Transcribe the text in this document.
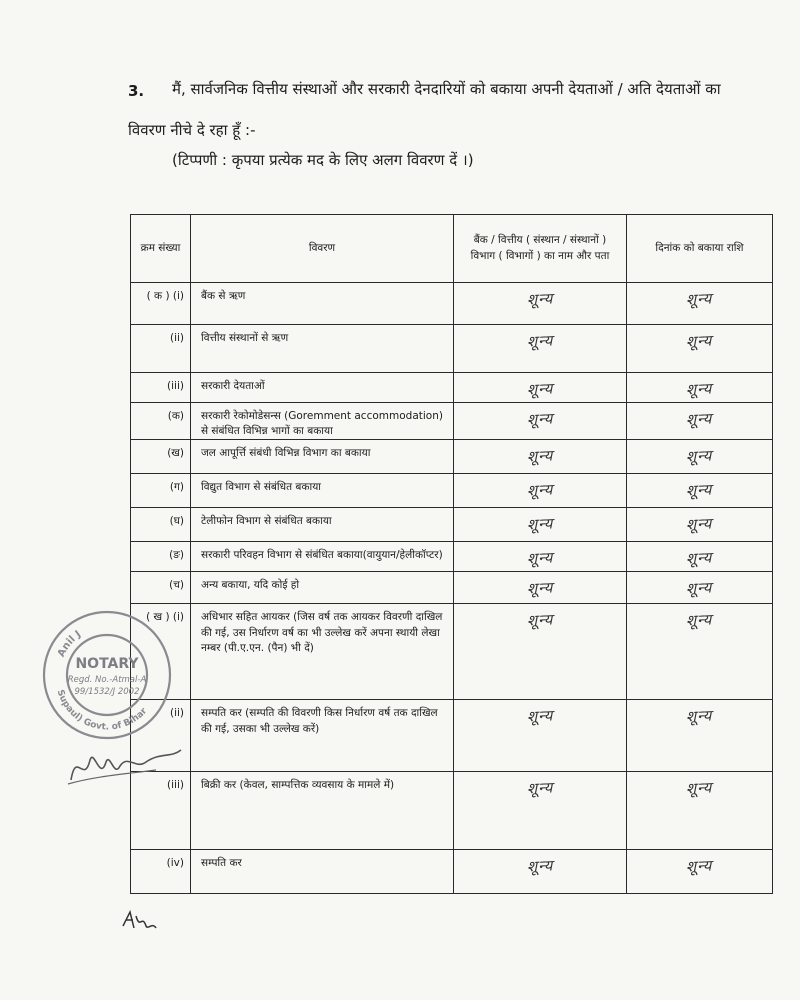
3. मैं, सार्वजनिक वित्तीय संस्थाओं और सरकारी देनदारियों को बकाया अपनी देयताओं / अति देयताओं का
विवरण नीचे दे रहा हूँ :-
(टिप्पणी : कृपया प्रत्येक मद के लिए अलग विवरण दें ।)
क्रम संख्या	विवरण	बैंक / वित्तीय ( संस्थान / संस्थानों ) विभाग ( विभागों ) का नाम और पता	दिनांक को बकाया राशि
( क ) (i)	बैंक से ऋण	शून्य	शून्य
(ii)	वित्तीय संस्थानों से ऋण	शून्य	शून्य
(iii)	सरकारी देयताओं	शून्य	शून्य
(क)	सरकारी रेकोमोडेसन्स (Goremment accommodation) से संबंधित विभिन्न भागों का बकाया	शून्य	शून्य
(ख)	जल आपूर्त्ति संबंधी विभिन्न विभाग का बकाया	शून्य	शून्य
(ग)	विद्युत विभाग से संबंधित बकाया	शून्य	शून्य
(घ)	टेलीफोन विभाग से संबंधित बकाया	शून्य	शून्य
(ङ)	सरकारी परिवहन विभाग से संबंधित बकाया(वायुयान/हेलीकॉप्टर)	शून्य	शून्य
(च)	अन्य बकाया, यदि कोई हो	शून्य	शून्य
( ख ) (i)	अधिभार सहित आयकर (जिस वर्ष तक आयकर विवरणी दाखिल की गई, उस निर्धारण वर्ष का भी उल्लेख करें अपना स्थायी लेखा नम्बर (पी.ए.एन. (पैन) भी दें)	शून्य	शून्य
(ii)	सम्पति कर (सम्पति की विवरणी किस निर्धारण वर्ष तक दाखिल की गई, उसका भी उल्लेख करें)	शून्य	शून्य
(iii)	बिक्री कर (केवल, साम्पत्तिक व्यवसाय के मामले में)	शून्य	शून्य
(iv)	सम्पति कर	शून्य	शून्य
Anil J
Supaul) Govt. of Bihar
NOTARY
Regd. No.-Atmal-A
99/1532/J 2002
